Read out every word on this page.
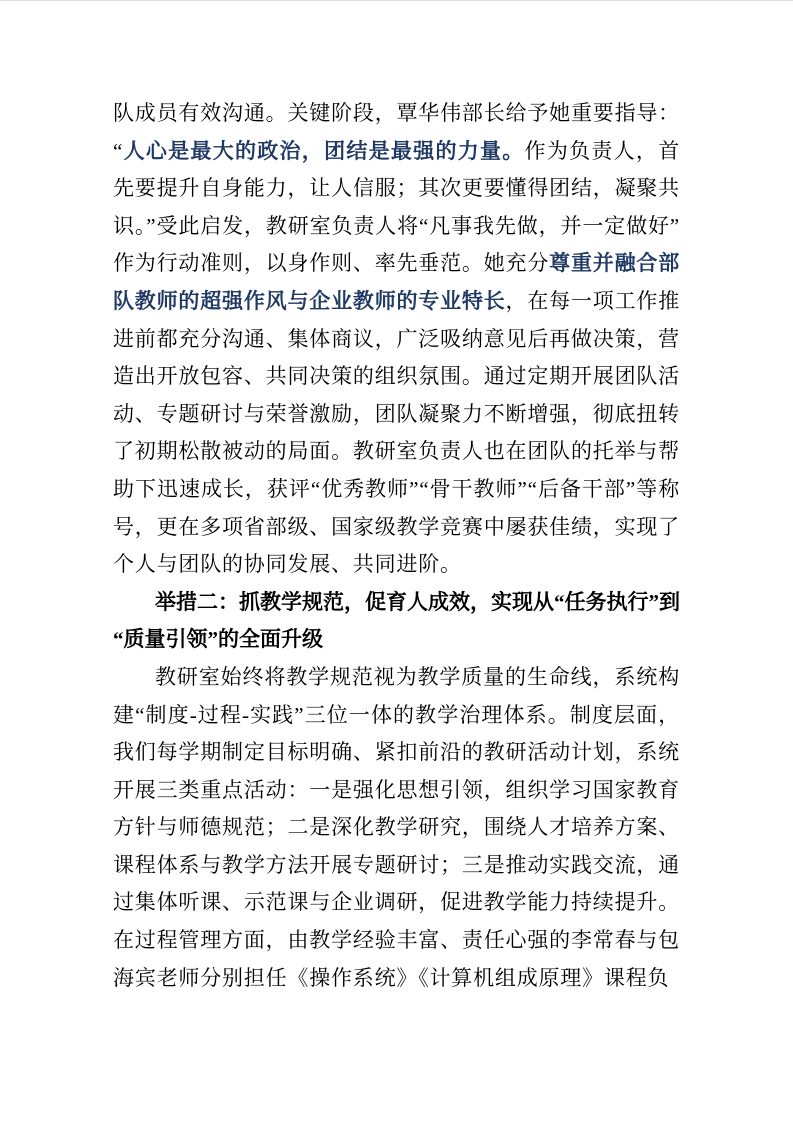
队成员有效沟通。关键阶段，覃华伟部长给予她重要指导：“人心是最大的政治，团结是最强的力量。作为负责人，首先要提升自身能力，让人信服；其次更要懂得团结，凝聚共识。”受此启发，教研室负责人将“凡事我先做，并一定做好”作为行动准则，以身作则、率先垂范。她充分尊重并融合部队教师的超强作风与企业教师的专业特长，在每一项工作推进前都充分沟通、集体商议，广泛吸纳意见后再做决策，营造出开放包容、共同决策的组织氛围。通过定期开展团队活动、专题研讨与荣誉激励，团队凝聚力不断增强，彻底扭转了初期松散被动的局面。教研室负责人也在团队的托举与帮助下迅速成长，获评“优秀教师”“骨干教师”“后备干部”等称号，更在多项省部级、国家级教学竞赛中屡获佳绩，实现了个人与团队的协同发展、共同进阶。

举措二：抓教学规范，促育人成效，实现从“任务执行”到“质量引领”的全面升级

教研室始终将教学规范视为教学质量的生命线，系统构建“制度-过程-实践”三位一体的教学治理体系。制度层面，我们每学期制定目标明确、紧扣前沿的教研活动计划，系统开展三类重点活动：一是强化思想引领，组织学习国家教育方针与师德规范；二是深化教学研究，围绕人才培养方案、课程体系与教学方法开展专题研讨；三是推动实践交流，通过集体听课、示范课与企业调研，促进教学能力持续提升。在过程管理方面，由教学经验丰富、责任心强的李常春与包海宾老师分别担任《操作系统》《计算机组成原理》课程负
